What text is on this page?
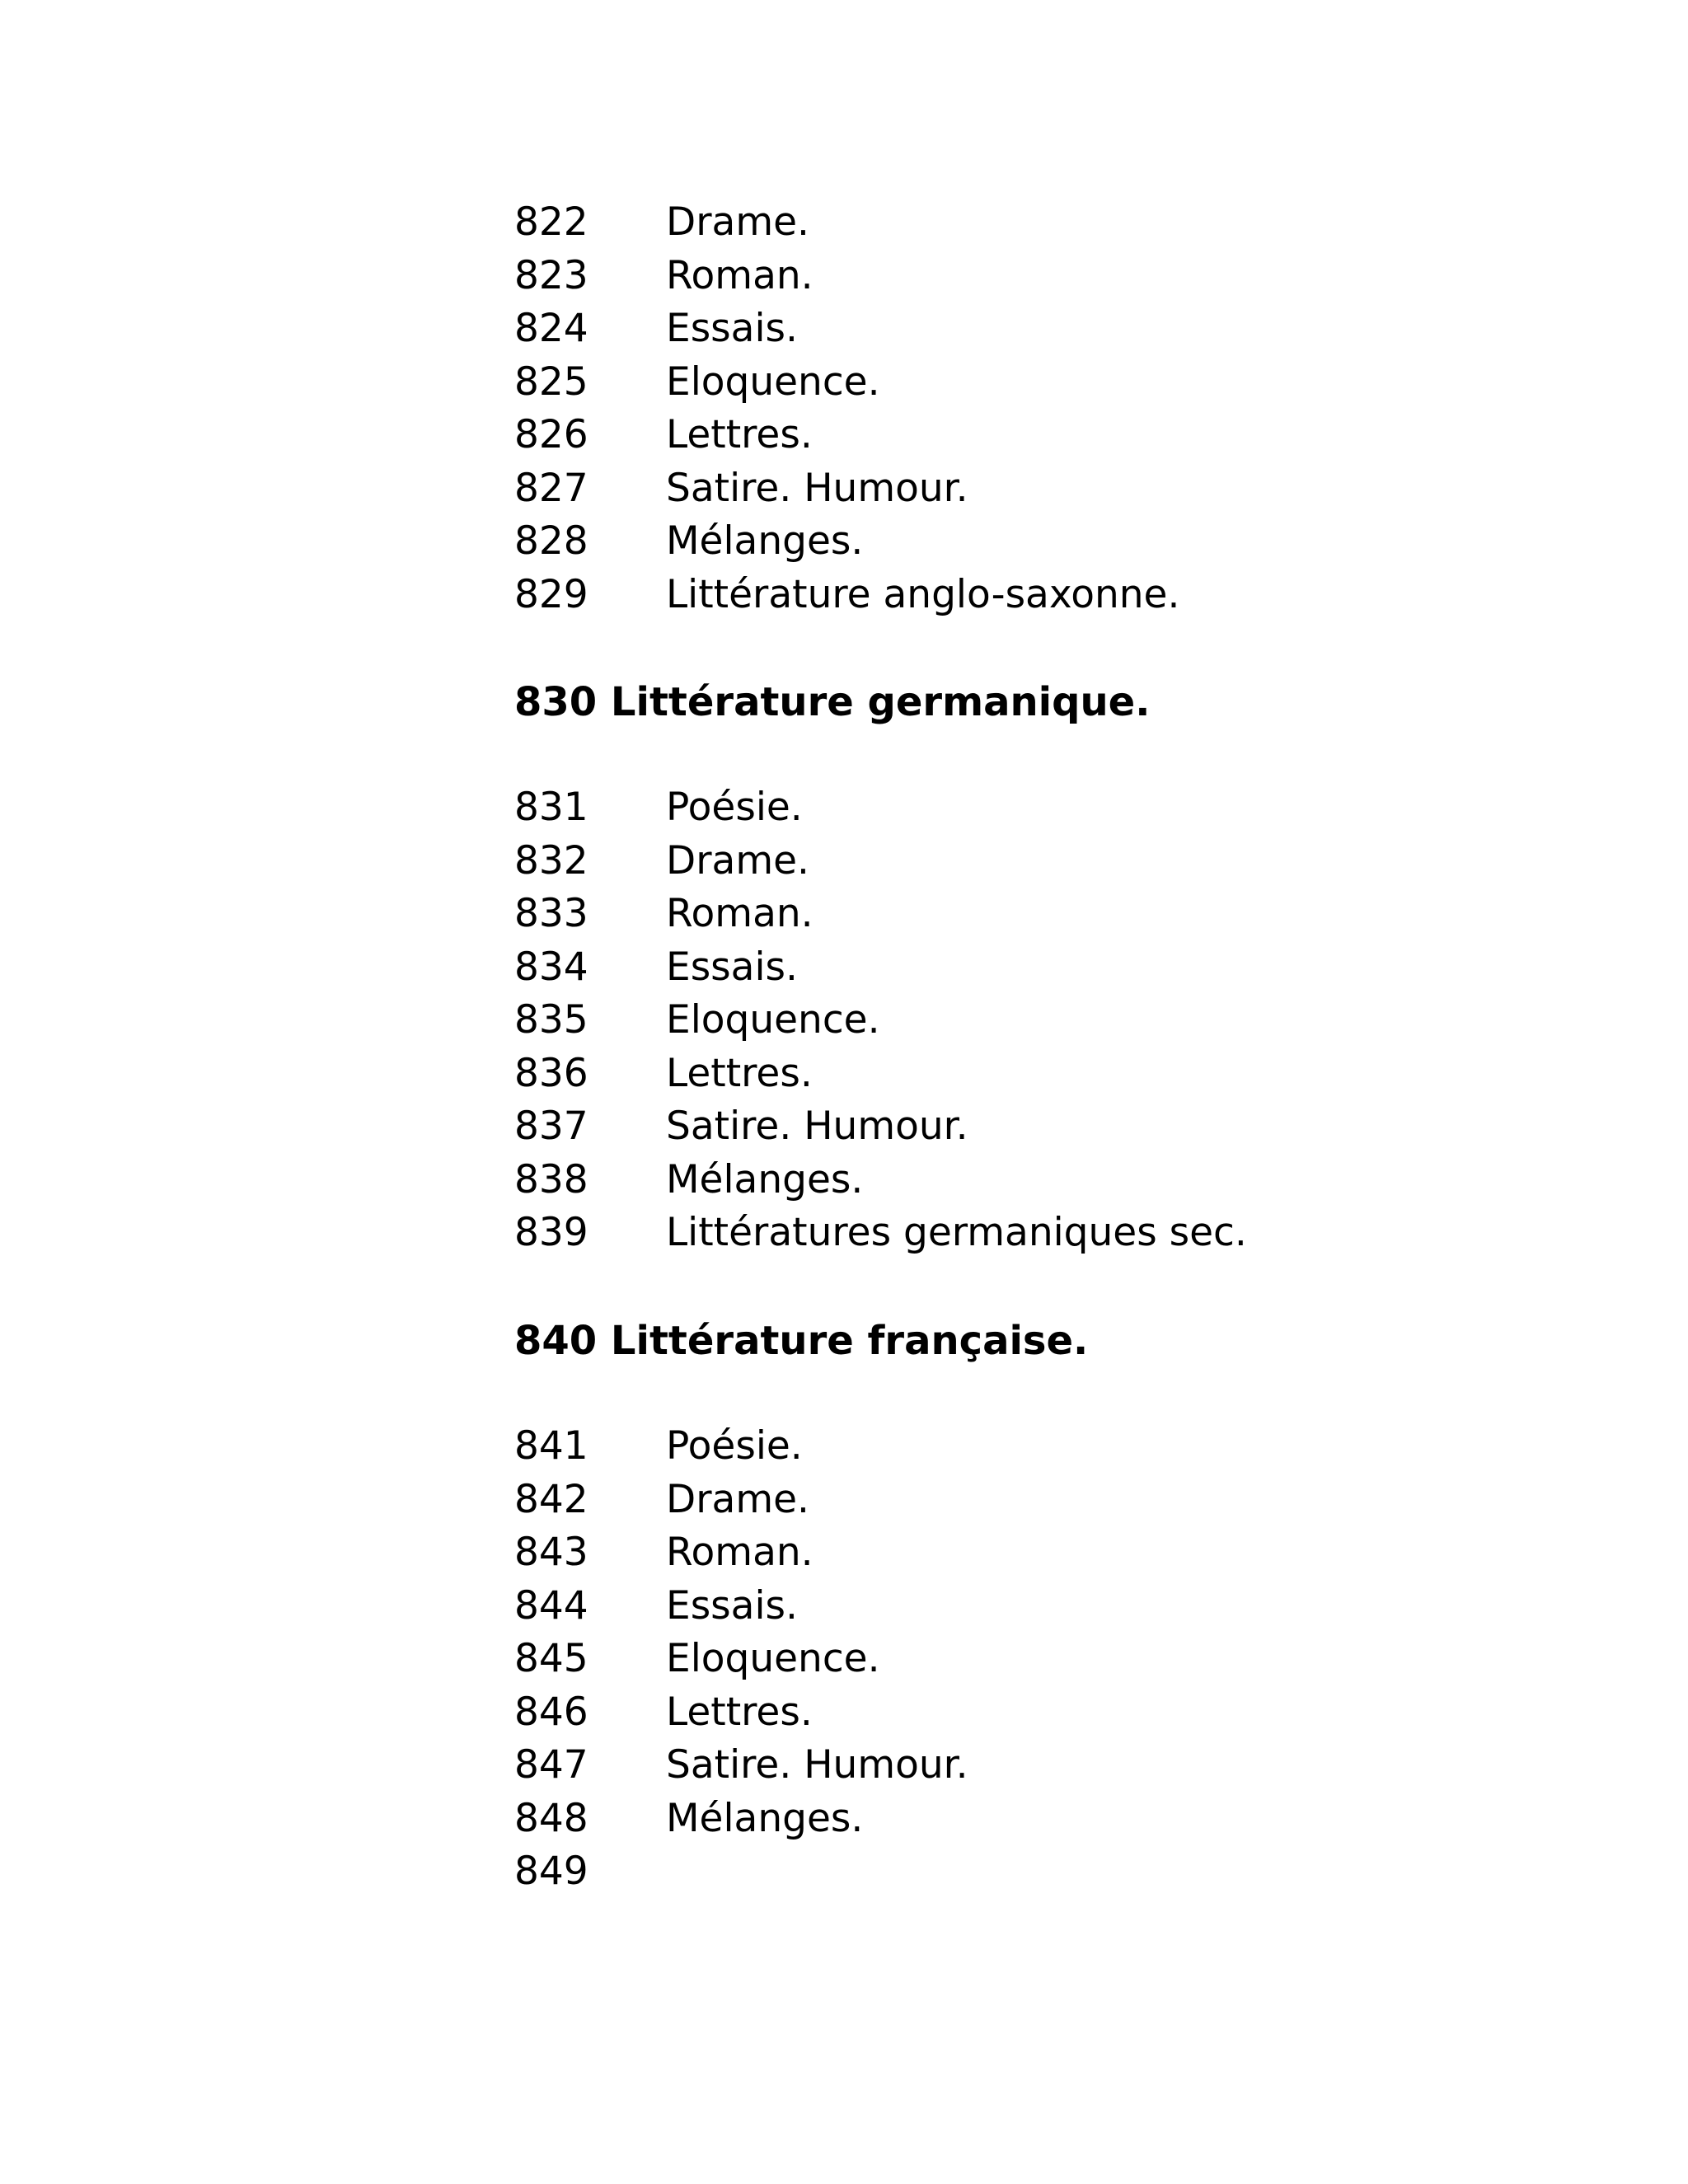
822 Drame.
823 Roman.
824 Essais.
825 Eloquence.
826 Lettres.
827 Satire. Humour.
828 Mélanges.
829 Littérature anglo-saxonne.
830 Littérature germanique.
831 Poésie.
832 Drame.
833 Roman.
834 Essais.
835 Eloquence.
836 Lettres.
837 Satire. Humour.
838 Mélanges.
839 Littératures germaniques sec.
840 Littérature française.
841 Poésie.
842 Drame.
843 Roman.
844 Essais.
845 Eloquence.
846 Lettres.
847 Satire. Humour.
848 Mélanges.
849
